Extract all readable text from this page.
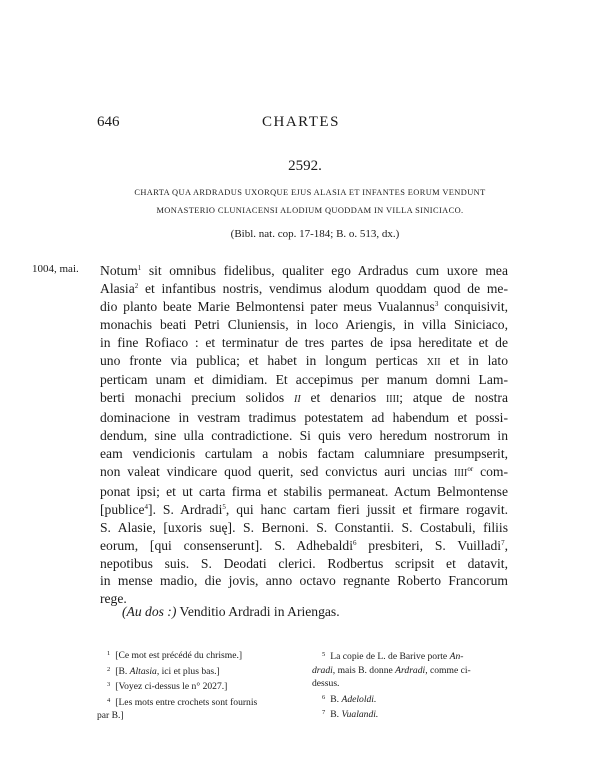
646	CHARTES
2592.
CHARTA QUA ARDRADUS UXORQUE EJUS ALASIA ET INFANTES EORUM VENDUNT
MONASTERIO CLUNIACENSI ALODIUM QUODDAM IN VILLA SINICIACO.
(Bibl. nat. cop. 17-184; B. o. 513, dx.)
1004, mai. Notum$^1$ sit omnibus fidelibus, qualiter ego Ardradus cum uxore mea
Alasia$^2$ et infantibus nostris, vendimus alodum quoddam quod de me-
dio planto beate Marie Belmontensi pater meus Vualannus$^3$ conquisivit,
monachis beati Petri Cluniensis, in loco Ariengis, in villa Siniciaco,
in fine Rofiaco : et terminatur de tres partes de ipsa hereditate et de
uno fronte via publica; et habet in longum perticas XII et in lato
perticam unam et dimidiam. Et accepimus per manum domni Lam-
berti monachi precium solidos II et denarios IIII; atque de nostra
dominacione in vestram tradimus potestatem ad habendum et possi-
dendum, sine ulla contradictione. Si quis vero heredum nostrorum in
eam vendicionis cartulam a nobis factam calumniare presumpserit,
non valeat vindicare quod querit, sed convictus auri uncias $IIII^{or}$ com-
ponat ipsi; et ut carta firma et stabilis permaneat. Actum Belmontense
[publice$^4$]. S. Ardradi$^5$, qui hanc cartam fieri jussit et firmare rogavit.
S. Alasie, [uxoris suę]. S. Bernoni. S. Constantii. S. Costabuli, filiis
eorum, [qui consenserunt]. S. Adhebaldi$^6$ presbiteri, S. Vuilladi$^7$,
nepotibus suis. S. Deodati clerici. Rodbertus scripsit et datavit,
in mense madio, die jovis, anno octavo regnante Roberto Francorum
rege.
(Au dos :) Venditio Ardradi in Ariengas.
$^1$ [Ce mot est précédé du chrisme.]
$^2$ [B. Altasia, ici et plus bas.]
$^3$ [Voyez ci-dessus le n° 2027.]
$^4$ [Les mots entre crochets sont fournis
par B.]
$^5$ La copie de L. de Barive porte An-
dradi, mais B. donne Ardradi, comme ci-
dessus.
$^6$ B. Adeloldi.
$^7$ B. Vualandi.
